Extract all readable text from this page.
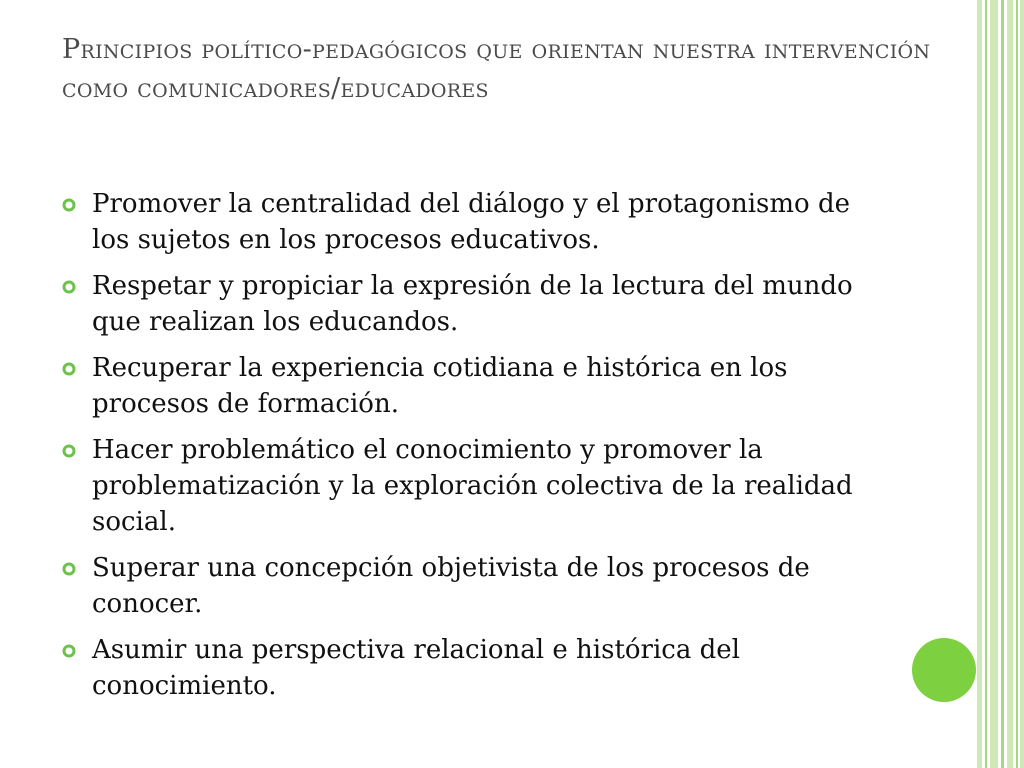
Principios político-pedagógicos que orientan nuestra intervención como comunicadores/educadores
Promover la centralidad del diálogo y el protagonismo de los sujetos en los procesos educativos.
Respetar y propiciar la expresión de la lectura del mundo que realizan los educandos.
Recuperar la experiencia cotidiana e histórica en los procesos de formación.
Hacer problemático el conocimiento y promover la problematización y la exploración colectiva de la realidad social.
Superar una concepción objetivista de los procesos de conocer.
Asumir una perspectiva relacional e histórica del conocimiento.
